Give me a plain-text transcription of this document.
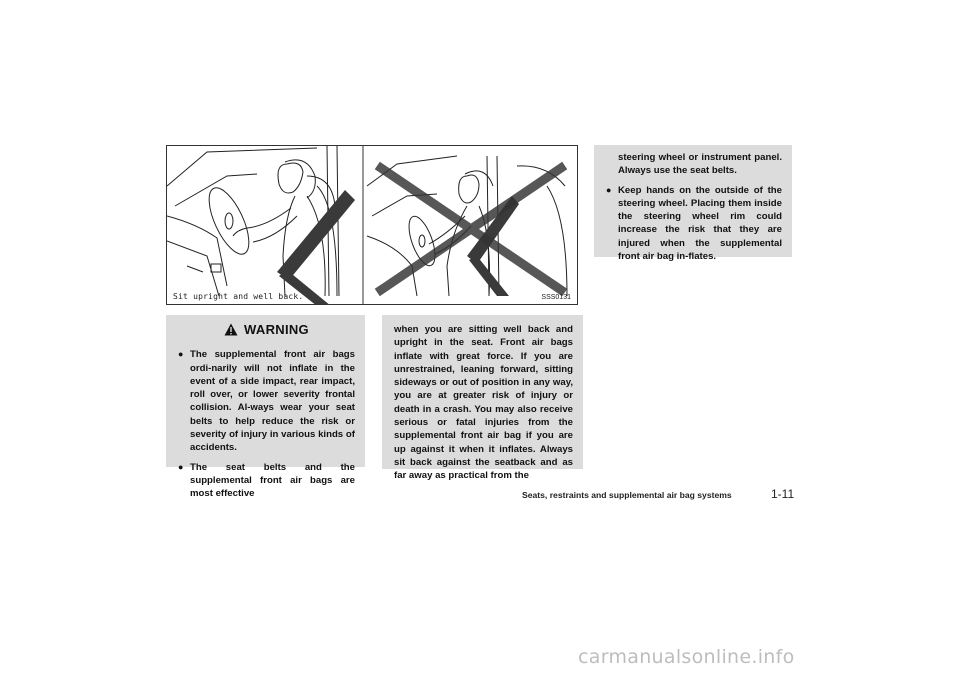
Sit upright and well back.	SSS0131
WARNING
● The supplemental front air bags ordi-narily will not inflate in the event of a side impact, rear impact, roll over, or lower severity frontal collision. Al-ways wear your seat belts to help reduce the risk or severity of injury in various kinds of accidents.
● The seat belts and the supplemental front air bags are most effective
when you are sitting well back and upright in the seat. Front air bags inflate with great force. If you are unrestrained, leaning forward, sitting sideways or out of position in any way, you are at greater risk of injury or death in a crash. You may also receive serious or fatal injuries from the supplemental front air bag if you are up against it when it inflates. Always sit back against the seatback and as far away as practical from the
steering wheel or instrument panel. Always use the seat belts.
● Keep hands on the outside of the steering wheel. Placing them inside the steering wheel rim could increase the risk that they are injured when the supplemental front air bag in-flates.
Seats, restraints and supplemental air bag systems	1-11
carmanualsonline.info
